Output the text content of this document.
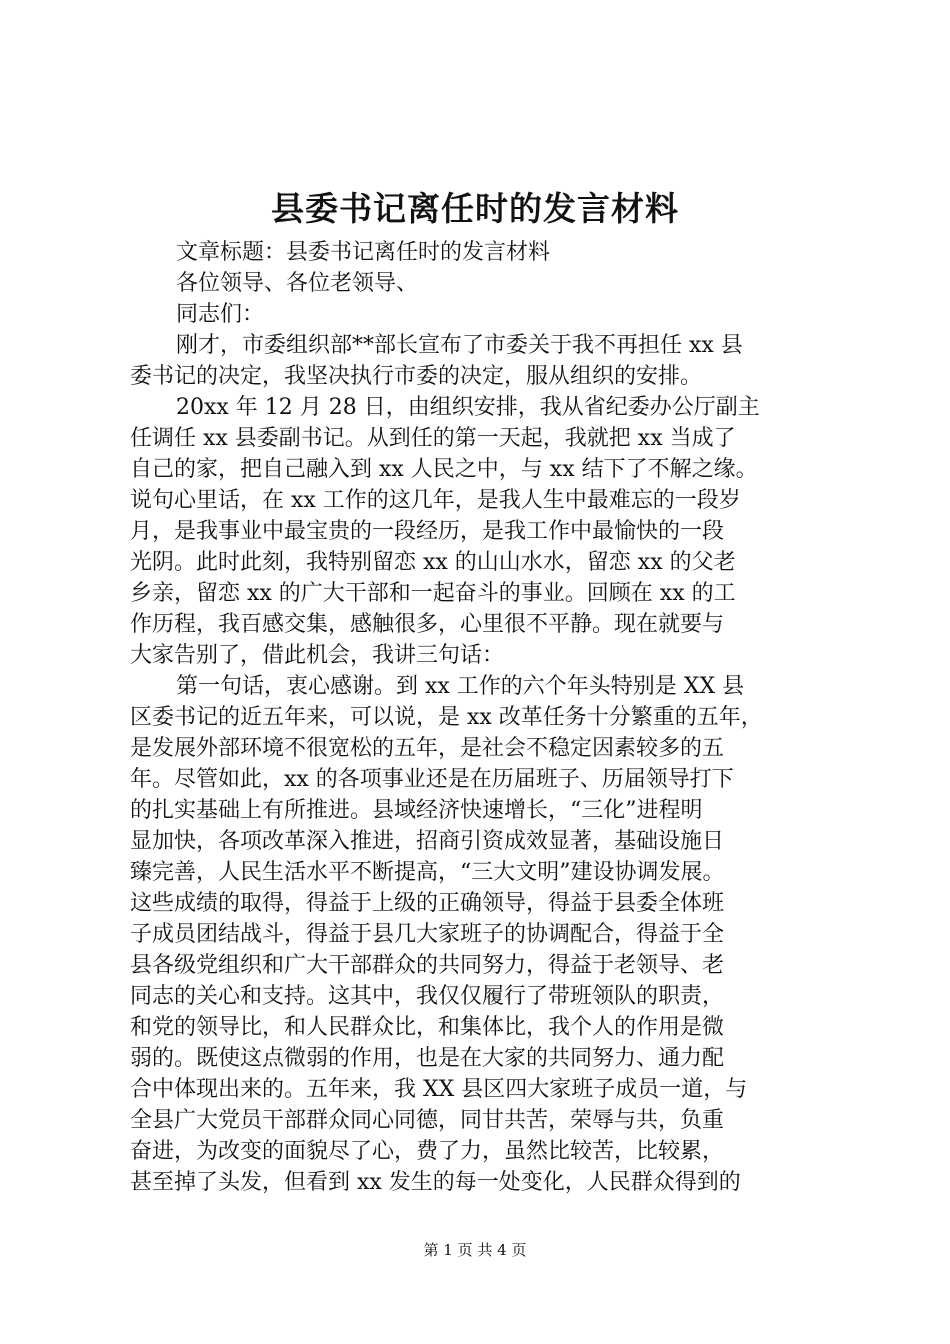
县委书记离任时的发言材料
文章标题：县委书记离任时的发言材料
各位领导、各位老领导、
同志们：
刚才，市委组织部**部长宣布了市委关于我不再担任 xx 县
委书记的决定，我坚决执行市委的决定，服从组织的安排。
20xx 年 12 月 28 日，由组织安排，我从省纪委办公厅副主
任调任 xx 县委副书记。从到任的第一天起，我就把 xx 当成了
自己的家，把自己融入到 xx 人民之中，与 xx 结下了不解之缘。
说句心里话，在 xx 工作的这几年，是我人生中最难忘的一段岁
月，是我事业中最宝贵的一段经历，是我工作中最愉快的一段
光阴。此时此刻，我特别留恋 xx 的山山水水，留恋 xx 的父老
乡亲，留恋 xx 的广大干部和一起奋斗的事业。回顾在 xx 的工
作历程，我百感交集，感触很多，心里很不平静。现在就要与
大家告别了，借此机会，我讲三句话：
第一句话，衷心感谢。到 xx 工作的六个年头特别是 XX 县
区委书记的近五年来，可以说，是 xx 改革任务十分繁重的五年，
是发展外部环境不很宽松的五年，是社会不稳定因素较多的五
年。尽管如此，xx 的各项事业还是在历届班子、历届领导打下
的扎实基础上有所推进。县域经济快速增长，“三化”进程明
显加快，各项改革深入推进，招商引资成效显著，基础设施日
臻完善，人民生活水平不断提高，“三大文明”建设协调发展。
这些成绩的取得，得益于上级的正确领导，得益于县委全体班
子成员团结战斗，得益于县几大家班子的协调配合，得益于全
县各级党组织和广大干部群众的共同努力，得益于老领导、老
同志的关心和支持。这其中，我仅仅履行了带班领队的职责，
和党的领导比，和人民群众比，和集体比，我个人的作用是微
弱的。既使这点微弱的作用，也是在大家的共同努力、通力配
合中体现出来的。五年来，我 XX 县区四大家班子成员一道，与
全县广大党员干部群众同心同德，同甘共苦，荣辱与共，负重
奋进，为改变的面貌尽了心，费了力，虽然比较苦，比较累，
甚至掉了头发，但看到 xx 发生的每一处变化，人民群众得到的
第 1 页 共 4 页
